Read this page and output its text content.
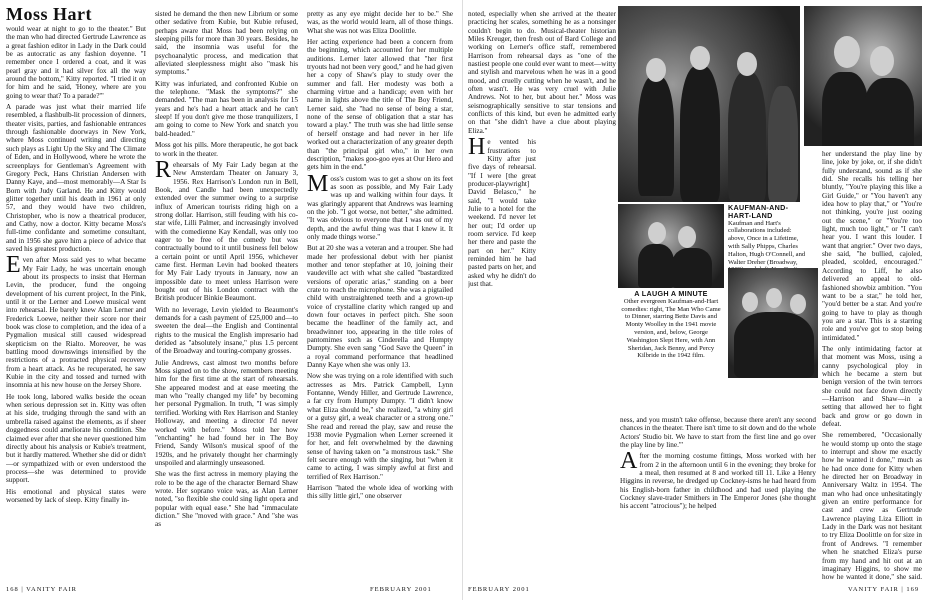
Moss Hart

would wear at night to go to the theater." But the man who had directed Gertrude Lawrence as a great fashion editor in Lady in the Dark could be as autocratic as any fashion doyenne. "I remember once I ordered a coat, and it was pearl gray and it had silver fox all the way around the bottom," Kitty reported. "I tried it on for him and he said, 'Honey, where are you going to wear that? To a parade?'"

A parade was just what their married life resembled, a flashbulb-lit procession of dinners, theater visits, parties, and fashionable entrances through fashionable doorways in New York, where Moss continued writing and directing such plays as Light Up the Sky and The Climate of Eden, and in Hollywood, where he wrote the screenplays for Gentleman's Agreement with Gregory Peck, Hans Christian Andersen with Danny Kaye, and—most memorably—A Star Is Born with Judy Garland. He and Kitty would glitter together until his death in 1961 at only 57, and they would have two children, Christopher, who is now a theatrical producer, and Cathy, now a doctor. Kitty became Moss's full-time confidante and sometime consultant, and in 1956 she gave him a piece of advice that saved his greatest production.

Even after Moss said yes to what became My Fair Lady, he was uncertain enough about its prospects to insist that Herman Levin, the producer, fund the ongoing development of his current project, In the Pink, until it or the Lerner and Loewe musical went into rehearsal. He barely knew Alan Lerner and Frederick Loewe, neither their score nor their book was close to completion, and the idea of a Pygmalion musical still caused widespread skepticism on the Rialto. Moreover, he was battling mood downswings intensified by the restrictions of a protracted physical recovery from a heart attack. As he recuperated, he saw Kubie in the city and tossed and turned with insomnia at his new house on the Jersey Shore.

He took long, labored walks beside the ocean when serious depression set in. Kitty was often at his side, trudging through the sand with an umbrella raised against the elements, as if sheer doggedness could ameliorate his condition. She claimed ever after that she never questioned him directly about his analysis or Kubie's treatment, but it hardly mattered. Whether she did or didn't—or sympathized with or even understood the process—she was determined to provide support.

His emotional and physical states were worsened by lack of sleep. Kitty finally in-

sisted he demand the then new Librium or some other sedative from Kubie, but Kubie refused, perhaps aware that Moss had been relying on sleeping pills for more than 30 years. Besides, he said, the insomnia was useful for the psychoanalytic process, and medication that alleviated sleeplessness might also "mask his symptoms."

Kitty was infuriated, and confronted Kubie on the telephone. "Mask the symptoms?" she demanded. "The man has been in analysis for 15 years and he's had a heart attack and he can't sleep! If you don't give me those tranquilizers, I am going to come to New York and snatch you bald-headed."

Moss got his pills. More therapeutic, he got back to work in the theater.

Rehearsals of My Fair Lady began at the New Amsterdam Theater on January 3, 1956. Rex Harrison's London run in Bell, Book, and Candle had been unexpectedly extended over the summer owing to a surprise influx of American tourists riding high on a strong dollar. Harrison, still feuding with his co-star wife, Lilli Palmer, and increasingly involved with the comedienne Kay Kendall, was only too eager to be free of the comedy but was contractually bound to it until business fell below a certain point or until April 1956, whichever came first. Herman Levin had booked theaters for My Fair Lady tryouts in January, now an impossible date to meet unless Harrison were bought out of his London contract with the British producer Binkie Beaumont.

With no leverage, Levin yielded to Beaumont's demands for a cash payment of £25,000 and—to sweeten the deal—the English and Continental rights to the musical the English impresario had derided as "absolutely insane," plus 1.5 percent of the Broadway and touring-company grosses.

Julie Andrews, cast almost two months before Moss signed on to the show, remembers meeting him for the first time at the start of rehearsals. She appeared modest and at ease meeting the man who "really changed my life" by becoming her personal Pygmalion. In truth, "I was simply terrified. Working with Rex Harrison and Stanley Holloway, and meeting a director I'd never worked with before." Moss told her how "enchanting" he had found her in The Boy Friend, Sandy Wilson's musical spoof of the 1920s, and he privately thought her charmingly unspoiled and alarmingly unseasoned.

She was the first actress in memory playing the role to be the age of the character Bernard Shaw wrote. Her soprano voice was, as Alan Lerner noted, "so flexible she could sing light opera and popular with equal ease." She had "immaculate diction." She "moved with grace." And "she was as

pretty as any eye might decide her to be." She was, as the world would learn, all of those things. What she was not was Eliza Doolittle.

Her acting experience had been a concern from the beginning, which accounted for her multiple auditions. Lerner later allowed that "her first tryouts had not been very good," and he had given her a copy of Shaw's play to study over the summer and fall. Her modesty was both a charming virtue and a handicap; even with her name in lights above the title of The Boy Friend, Lerner said, she "had no sense of being a star, none of the sense of obligation that a star has toward a play." The truth was she had little sense of herself onstage and had never in her life worked out a characterization of any greater depth than "the principal girl who," in her own description, "makes goo-goo eyes at Our Hero and gets him in the end."

Moss's custom was to get a show on its feet as soon as possible, and My Fair Lady was up and walking within four days. It was glaringly apparent that Andrews was learning on the job. "I got worse, not better," she admitted. "It was obvious to everyone that I was out of my depth, and the awful thing was that I knew it. It only made things worse."

But at 20 she was a veteran and a trouper. She had made her professional debut with her pianist mother and tenor stepfather at 10, joining their vaudeville act with what she called "bastardized versions of operatic arias," standing on a beer crate to reach the microphone. She was a pigtailed child with unstraightened teeth and a grown-up voice of crystalline clarity which ranged up and down four octaves in perfect pitch. She soon became the headliner of the family act, and breadwinner too, appearing in the title roles of pantomimes such as Cinderella and Humpty Dumpty. She even sang "God Save the Queen" in a royal command performance that headlined Danny Kaye when she was only 13.

Now she was trying on a role identified with such actresses as Mrs. Patrick Campbell, Lynn Fontanne, Wendy Hiller, and Gertrude Lawrence, a far cry from Humpty Dumpty. "I didn't know what Eliza should be," she realized, "a whiny girl or a gutsy girl, a weak character or a strong one." She read and reread the play, saw and reuse the 1938 movie Pygmalion when Lerner screened it for her, and felt overwhelmed by the dawning sense of having taken on "a monstrous task." She felt secure enough with the singing, but "when it came to acting, I was simply awful at first and terrified of Rex Harrison."

Harrison "hated the whole idea of working with this silly little girl," one observer

168 | VANITY FAIR	FEBRUARY 2001

noted, especially when she arrived at the theater practicing her scales, something he as a nonsinger couldn't begin to do. Musical-theater historian Miles Kreuger, then fresh out of Bard College and working on Lerner's office staff, remembered Harrison from rehearsal days as "one of the nastiest people one could ever want to meet—witty and stylish and marvelous when he was in a good mood, and cruelly cutting when he wasn't, and he often wasn't. He was very cruel with Julie Andrews. Not to her, but about her." Moss was seismographically sensitive to star tensions and conflicts of this kind, but even he admitted early on that "she didn't have a clue about playing Eliza."

He vented his frustrations to Kitty after just five days of rehearsal. "If I were [the great producer-playwright] David Belasco," he said, "I would take Julie to a hotel for the weekend. I'd never let her out; I'd order up room service. I'd keep her there and paste the part on her." Kitty reminded him he had pasted parts on her, and asked why he didn't do just that.

KAUFMAN-AND-HART-LAND
Kaufman and Hart's collaborations included: above, Once in a Lifetime, with Sally Phipps, Charles Halton, Hugh O'Connell, and Walter Dreher (Broadway,
A LAUGH A MINUTE
Other evergreen Kaufman-and-Hart comedies: right, The Man Who Came to Dinner, starring Bette Davis and Monty Woolley in the 1941 movie version, and, below, George Washington Slept Here, with Ann Sheridan, Jack Benny, and Percy Kilbride in the 1942 film.

ness, and you mustn't take offense, because there aren't any second chances in the theater. There isn't time to sit down and do the whole Actors' Studio bit. We have to start from the first line and go over the play line by line.'"

After the morning costume fittings, Moss worked with her from 2 in the afternoon until 6 in the evening; they broke for a meal, then resumed at 8 and worked till 11. Like a Henry Higgins in reverse, he dredged up Cockney-isms he had heard from his English-born father in childhood and had used playing the Cockney slave-trader Smithers in The Emperor Jones (she thought his accent "atrocious"); he helped

her understand the play line by line, joke by joke, or, if she didn't fully understand, sound as if she did. She recalls his telling her bluntly, "You're playing this like a Girl Guide," or "You haven't any idea how to play that," or "You're not thinking, you're just oozing out the scene," or "You're too light, much too light," or "I can't hear you. I want this louder. I want that angrier." Over two days, she said, "he bullied, cajoled, pleaded, scolded, encouraged." According to Liff, he also delivered an appeal to old-fashioned showbiz ambition. "You want to be a star," he told her, "you'd better be a star. And you're going to have to play as though you are a star. This is a starring role and you've got to stop being intimidated."

The only intimidating factor at that moment was Moss, using a canny psychological ploy in which he became a stern but benign version of the twin terrors she could not face down directly—Harrison and Shaw—in a setting that allowed her to fight back and grow or go down in defeat.

She remembered, "Occasionally he would stomp up onto the stage to interrupt and show me exactly how he wanted it done," much as he had once done for Kitty when he directed her on Broadway in Anniversary Waltz in 1954. The man who had once unhesitatingly given an entire performance for cast and crew as Gertrude Lawrence playing Liza Elliott in Lady in the Dark was not hesitant to try Eliza Doolittle on for size in front of Andrews. "I remember when he snatched Eliza's purse from my hand and hit out at an imaginary Higgins, to show me how he wanted it done," she said.

FEBRUARY 2001	VANITY FAIR | 169
